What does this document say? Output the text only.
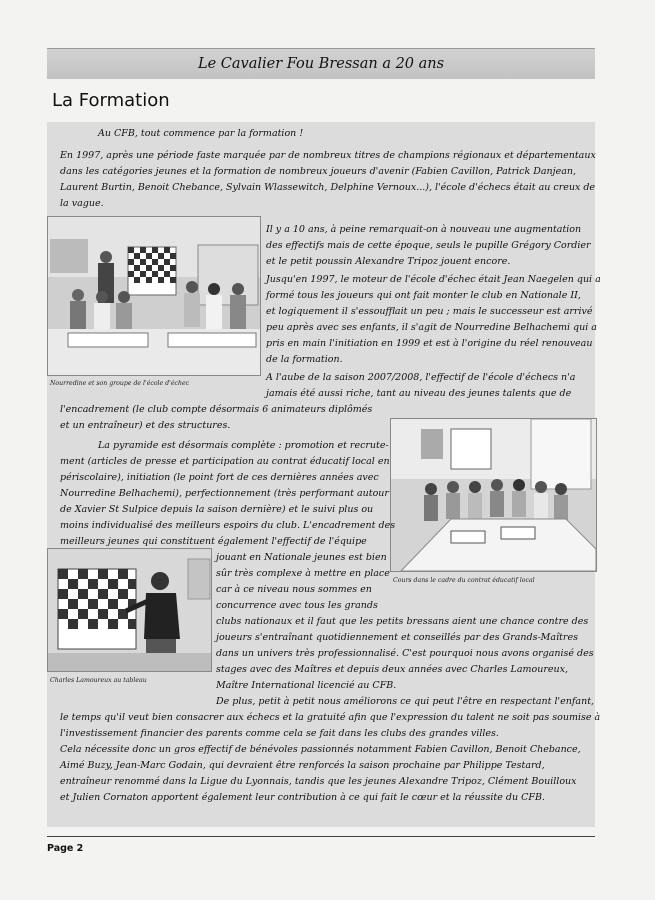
Le Cavalier Fou Bressan a 20 ans
La Formation

Au CFB, tout commence par la formation !

En 1997, après une période faste marquée par de nombreux titres de champions régionaux et départementaux

dans les catégories jeunes et la formation de nombreux joueurs d'avenir (Fabien Cavillon, Patrick Danjean,

Laurent Burtin, Benoit Chebance, Sylvain Wlassewitch, Delphine Vernoux...), l'école d'échecs était au creux de

la vague.

Nourredine et son groupe de l'école d'échec

Il y a 10 ans, à peine remarquait-on à nouveau une augmentation

des effectifs mais de cette époque, seuls le pupille Grégory Cordier

et le petit poussin Alexandre Tripoz jouent encore.

Jusqu'en 1997, le moteur de l'école d'échec était Jean Naegelen qui a

formé tous les joueurs qui ont fait monter le club en Nationale II,

et logiquement il s'essoufflait un peu ; mais le successeur est arrivé

peu après avec ses enfants, il s'agit de Nourredine Belhachemi qui a

pris en main l'initiation en 1999 et est à l'origine du réel renouveau

de la formation.

A l'aube de la saison 2007/2008, l'effectif de l'école d'échecs n'a

jamais été aussi riche, tant au niveau des jeunes talents que de

l'encadrement (le club compte désormais 6 animateurs diplômés

et un entraîneur) et des structures.

Cours dans le cadre du contrat éducatif local

La pyramide est désormais complète : promotion et recrute-

ment (articles de presse et participation au contrat éducatif local en

périscolaire), initiation (le point fort de ces dernières années avec

Nourredine Belhachemi), perfectionnement (très performant autour

de Xavier St Sulpice depuis la saison dernière) et le suivi plus ou

moins individualisé des meilleurs espoirs du club. L'encadrement des

meilleurs jeunes qui constituent également l'effectif de l'équipe

Charles Lamoureux au tableau

jouant en Nationale jeunes est bien

sûr très complexe à mettre en place

car à ce niveau nous sommes en

concurrence avec tous les grands

clubs nationaux et il faut que les petits bressans aient une chance contre des

joueurs s'entraînant quotidiennement et conseillés par des Grands-Maîtres

dans un univers très professionnalisé. C'est pourquoi nous avons organisé des

stages avec des Maîtres et depuis deux années avec Charles Lamoureux,

Maître International licencié au CFB.

De plus, petit à petit nous améliorons ce qui peut l'être en respectant l'enfant,

le temps qu'il veut bien consacrer aux échecs et la gratuité afin que l'expression du talent ne soit pas soumise à

l'investissement financier des parents comme cela se fait dans les clubs des grandes villes.

Cela nécessite donc un gros effectif de bénévoles passionnés notamment Fabien Cavillon, Benoit Chebance,

Aimé Buzy, Jean-Marc Godain, qui devraient être renforcés la saison prochaine par Philippe Testard,

entraîneur renommé dans la Ligue du Lyonnais, tandis que les jeunes Alexandre Tripoz, Clément Bouilloux

et Julien Cornaton apportent également leur contribution à ce qui fait le cœur et la réussite du CFB.

Page 2
